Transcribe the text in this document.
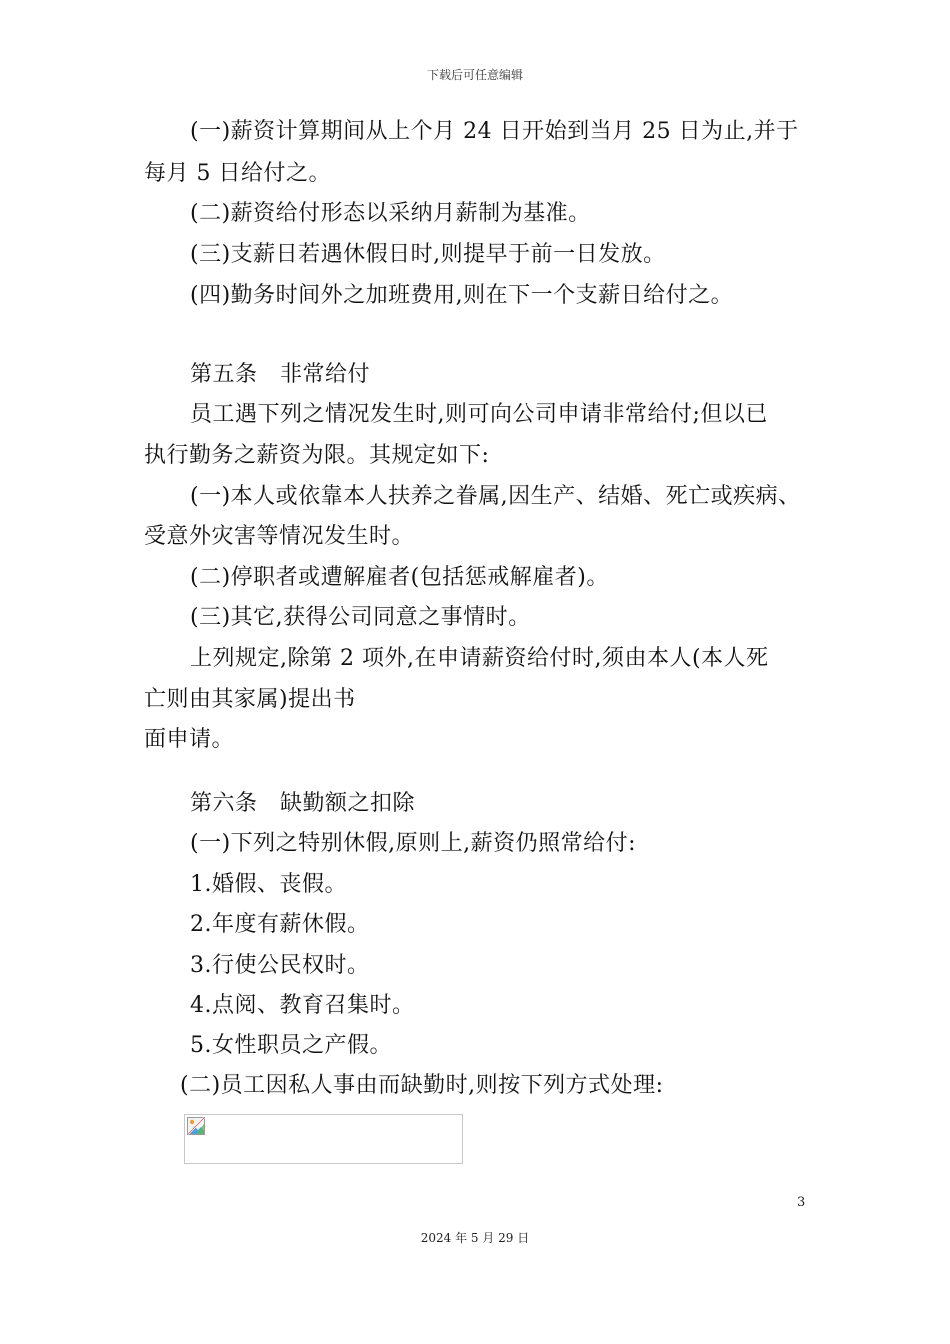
下载后可任意编辑
(一)薪资计算期间从上个月 24 日开始到当月 25 日为止,并于
每月 5 日给付之。
(二)薪资给付形态以采纳月薪制为基准。
(三)支薪日若遇休假日时,则提早于前一日发放。
(四)勤务时间外之加班费用,则在下一个支薪日给付之。
第五条　非常给付
员工遇下列之情况发生时,则可向公司申请非常给付;但以已
执行勤务之薪资为限。其规定如下:
(一)本人或依靠本人扶养之眷属,因生产、结婚、死亡或疾病、
受意外灾害等情况发生时。
(二)停职者或遭解雇者(包括惩戒解雇者)。
(三)其它,获得公司同意之事情时。
上列规定,除第 2 项外,在申请薪资给付时,须由本人(本人死
亡则由其家属)提出书
面申请。
第六条　缺勤额之扣除
(一)下列之特别休假,原则上,薪资仍照常给付:
1.婚假、丧假。
2.年度有薪休假。
3.行使公民权时。
4.点阅、教育召集时。
5.女性职员之产假。
(二)员工因私人事由而缺勤时,则按下列方式处理:
3
2024 年 5 月 29 日
